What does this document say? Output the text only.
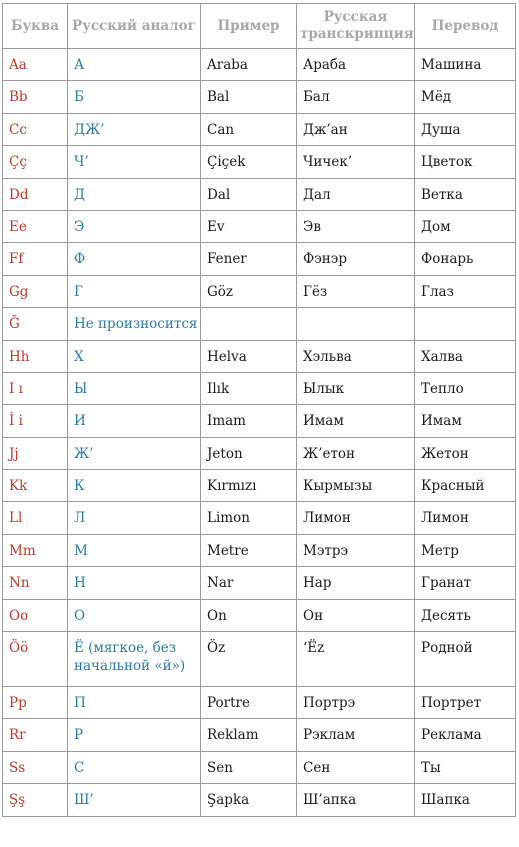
Буква	Русский аналог	Пример	Русская транскрипция	Перевод
Aa	А	Araba	Араба	Машина
Bb	Б	Bal	Бал	Мёд
Cc	ДЖ’	Can	Дж’ан	Душа
Çç	Ч’	Çiçek	Чичек’	Цветок
Dd	Д	Dal	Дал	Ветка
Ee	Э	Ev	Эв	Дом
Ff	Ф	Fener	Фэнэр	Фонарь
Gg	Г	Göz	Гёз	Глаз
Ğ	Не произносится			
Hh	Х	Helva	Хэльва	Халва
I ı	Ы	Ilık	Ылык	Тепло
İ i	И	Imam	Имам	Имам
Jj	Ж’	Jeton	Ж’етон	Жетон
Kk	К	Kırmızı	Кырмызы	Красный
Ll	Л	Limon	Лимон	Лимон
Mm	М	Metre	Мэтрэ	Метр
Nn	Н	Nar	Нар	Гранат
Oo	О	On	Он	Десять
Öö	Ё (мягкое, без начальной «й»)	Öz	‘Ёz	Родной
Pp	П	Portre	Портрэ	Портрет
Rr	Р	Reklam	Рэклам	Реклама
Ss	С	Sen	Сен	Ты
Şş	Ш’	Şapka	Ш’апка	Шапка
